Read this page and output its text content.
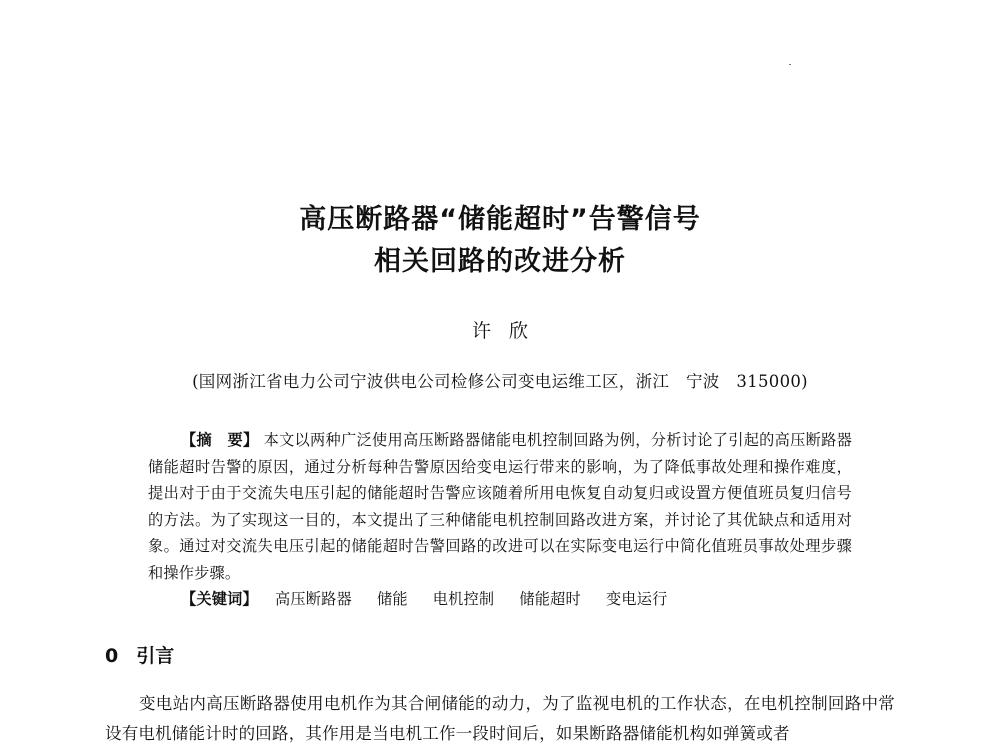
高压断路器“储能超时”告警信号
相关回路的改进分析
许欣
(国网浙江省电力公司宁波供电公司检修公司变电运维工区，浙江　宁波　315000)

【摘　要】 本文以两种广泛使用高压断路器储能电机控制回路为例，分析讨论了引起的高压断路器储能超时告警的原因，通过分析每种告警原因给变电运行带来的影响，为了降低事故处理和操作难度，提出对于由于交流失电压引起的储能超时告警应该随着所用电恢复自动复归或设置方便值班员复归信号的方法。为了实现这一目的，本文提出了三种储能电机控制回路改进方案，并讨论了其优缺点和适用对象。通过对交流失电压引起的储能超时告警回路的改进可以在实际变电运行中简化值班员事故处理步骤和操作步骤。

【关键词】 高压断路器 储能 电机控制 储能超时 变电运行
0 引言

变电站内高压断路器使用电机作为其合闸储能的动力，为了监视电机的工作状态，在电机控制回路中常设有电机储能计时的回路，其作用是当电机工作一段时间后，如果断路器储能机构如弹簧或者
